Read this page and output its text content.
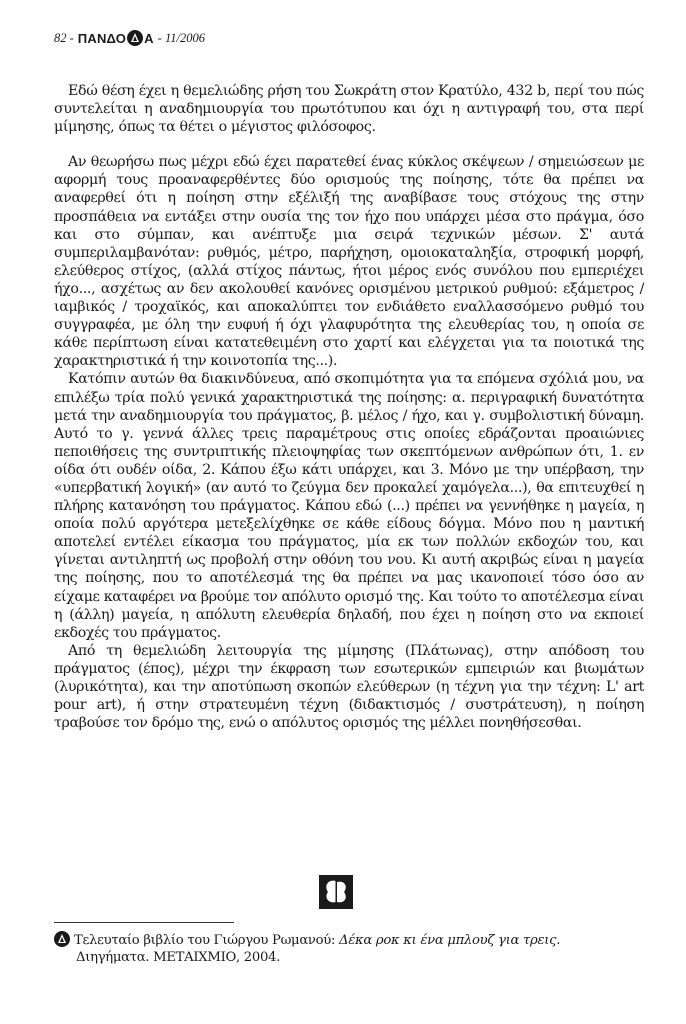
82 - ΠΑΝΔΟ Α - 11/2006

Εδώ θέση έχει η θεμελιώδης ρήση του Σωκράτη στον Κρατύλο, 432 b, περί του πώς συντελείται η αναδημιουργία του πρωτότυπου και όχι η αντιγραφή του, στα περί μίμησης, όπως τα θέτει ο μέγιστος φιλόσοφος.

Αν θεωρήσω πως μέχρι εδώ έχει παρατεθεί ένας κύκλος σκέψεων / σημειώσεων με αφορμή τους προαναφερθέντες δύο ορισμούς της ποίησης, τότε θα πρέπει να αναφερθεί ότι η ποίηση στην εξέλιξή της αναβίβασε τους στόχους της στην προσπάθεια να εντάξει στην ουσία της τον ήχο που υπάρχει μέσα στο πράγμα, όσο και στο σύμπαν, και ανέπτυξε μια σειρά τεχνικών μέσων. Σ' αυτά συμπεριλαμβανόταν: ρυθμός, μέτρο, παρήχηση, ομοιοκαταληξία, στροφική μορφή, ελεύθερος στίχος, (αλλά στίχος πάντως, ήτοι μέρος ενός συνόλου που εμπεριέχει ήχο..., ασχέτως αν δεν ακολουθεί κανόνες ορισμένου μετρικού ρυθμού: εξάμετρος / ιαμβικός / τροχαϊκός, και αποκαλύπτει τον ενδιάθετο εναλλασσόμενο ρυθμό του συγγραφέα, με όλη την ευφυή ή όχι γλαφυρότητα της ελευθερίας του, η οποία σε κάθε περίπτωση είναι κατατεθειμένη στο χαρτί και ελέγχεται για τα ποιοτικά της χαρακτηριστικά ή την κοινοτοπία της...).

Κατόπιν αυτών θα διακινδύνευα, από σκοπιμότητα για τα επόμενα σχόλιά μου, να επιλέξω τρία πολύ γενικά χαρακτηριστικά της ποίησης: α. περιγραφική δυνατότητα μετά την αναδημιουργία του πράγματος, β. μέλος / ήχο, και γ. συμβολιστική δύναμη. Αυτό το γ. γεννά άλλες τρεις παραμέτρους στις οποίες εδράζονται προαιώνιες πεποιθήσεις της συντριπτικής πλειοψηφίας των σκεπτόμενων ανθρώπων ότι, 1. εν οίδα ότι ουδέν οίδα, 2. Κάπου έξω κάτι υπάρχει, και 3. Μόνο με την υπέρβαση, την «υπερβατική λογική» (αν αυτό το ζεύγμα δεν προκαλεί χαμόγελα...), θα επιτευχθεί η πλήρης κατανόηση του πράγματος. Κάπου εδώ (...) πρέπει να γεννήθηκε η μαγεία, η οποία πολύ αργότερα μετεξελίχθηκε σε κάθε είδους δόγμα. Μόνο που η μαντική αποτελεί εντέλει είκασμα του πράγματος, μία εκ των πολλών εκδοχών του, και γίνεται αντιληπτή ως προβολή στην οθόνη του νου. Κι αυτή ακριβώς είναι η μαγεία της ποίησης, που το αποτέλεσμά της θα πρέπει να μας ικανοποιεί τόσο όσο αν είχαμε καταφέρει να βρούμε τον απόλυτο ορισμό της. Και τούτο το αποτέλεσμα είναι η (άλλη) μαγεία, η απόλυτη ελευθερία δηλαδή, που έχει η ποίηση στο να εκποιεί εκδοχές του πράγματος.

Από τη θεμελιώδη λειτουργία της μίμησης (Πλάτωνας), στην απόδοση του πράγματος (έπος), μέχρι την έκφραση των εσωτερικών εμπειριών και βιωμάτων (λυρικότητα), και την αποτύπωση σκοπών ελεύθερων (η τέχνη για την τέχνη: L' art pour art), ή στην στρατευμένη τέχνη (διδακτισμός / συστράτευση), η ποίηση τραβούσε τον δρόμο της, ενώ ο απόλυτος ορισμός της μέλλει πονηθήσεσθαι.

Τελευταίο βιβλίο του Γιώργου Ρωμανού: Δέκα ροκ κι ένα μπλουζ για τρεις.
Διηγήματα. ΜΕΤΑΙΧΜΙΟ, 2004.
